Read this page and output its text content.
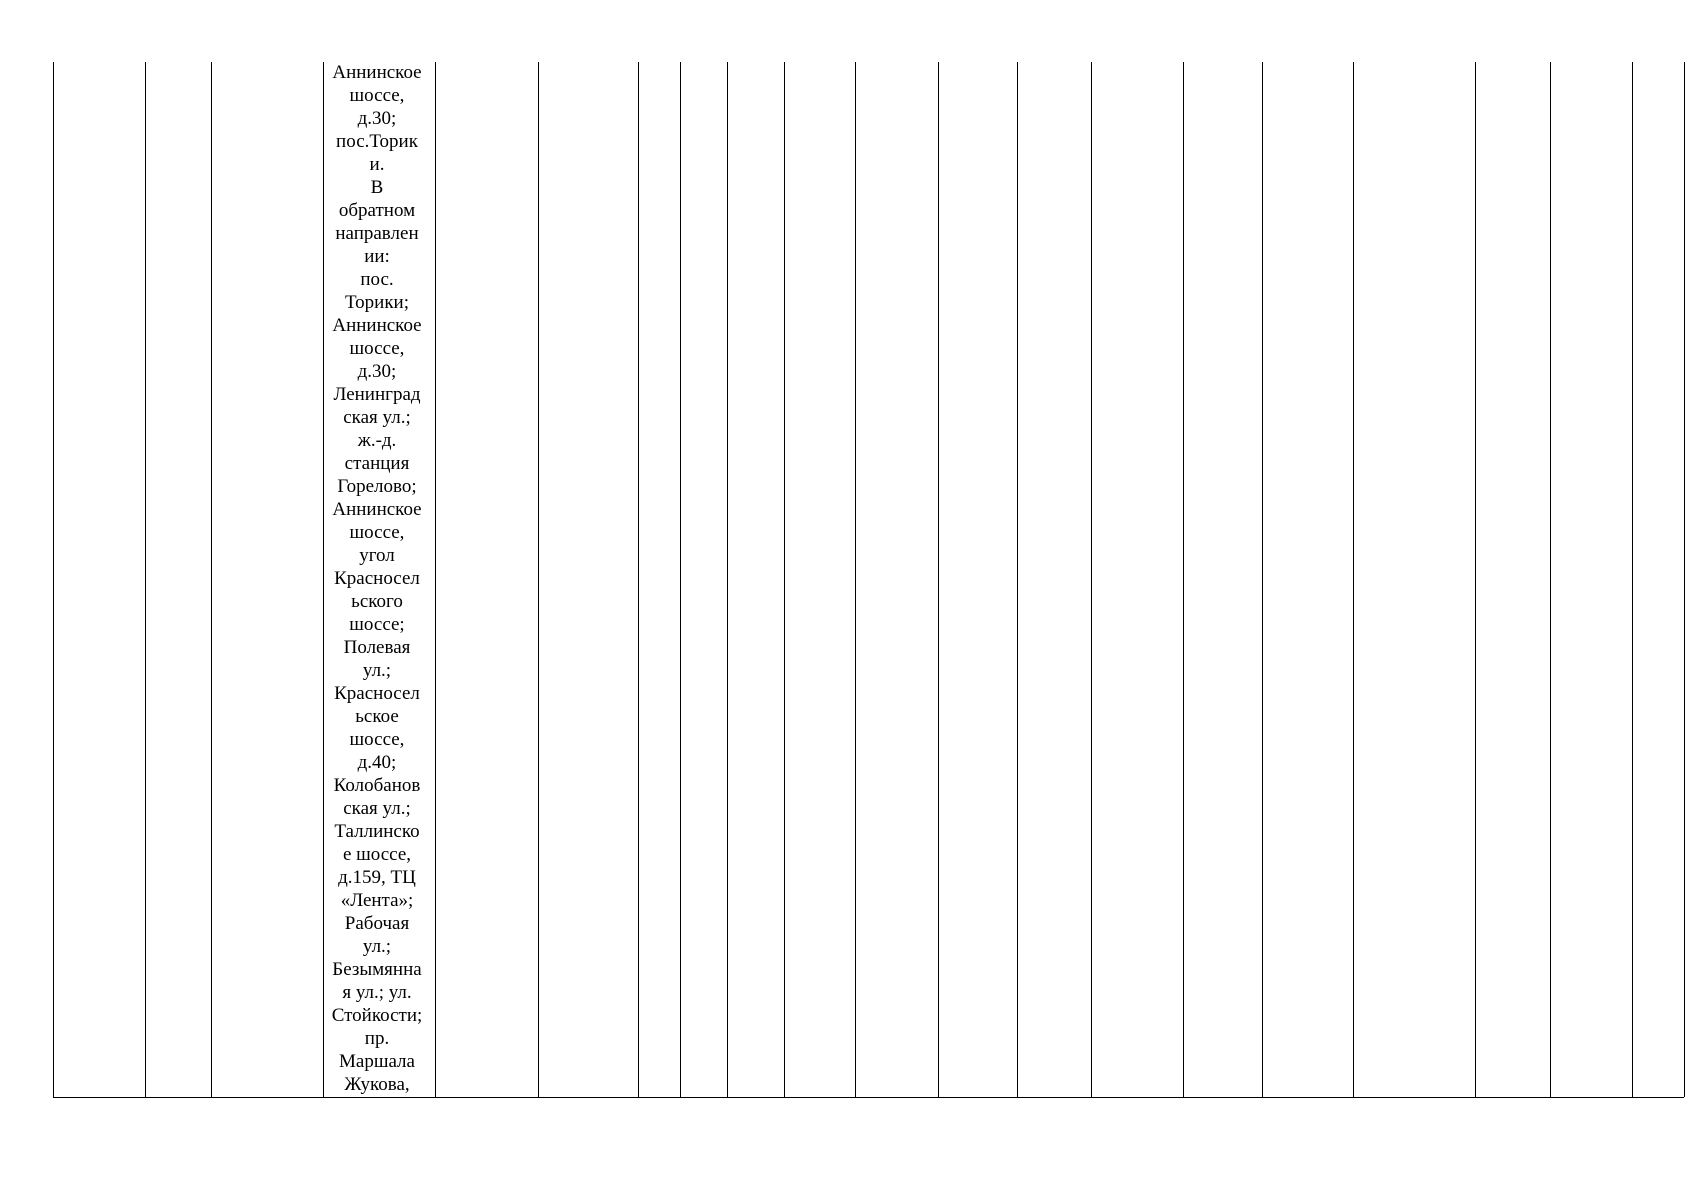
Аннинское
шоссе,
д.30;
пос.Торик
и.
В
обратном
направлен
ии:
пос.
Торики;
Аннинское
шоссе,
д.30;
Ленинград
ская ул.;
ж.-д.
станция
Горелово;
Аннинское
шоссе,
угол
Красносел
ьского
шоссе;
Полевая
ул.;
Красносел
ьское
шоссе,
д.40;
Колобанов
ская ул.;
Таллинско
е шоссе,
д.159, ТЦ
«Лента»;
Рабочая
ул.;
Безымянна
я ул.; ул.
Стойкости;
пр.
Маршала
Жукова,
